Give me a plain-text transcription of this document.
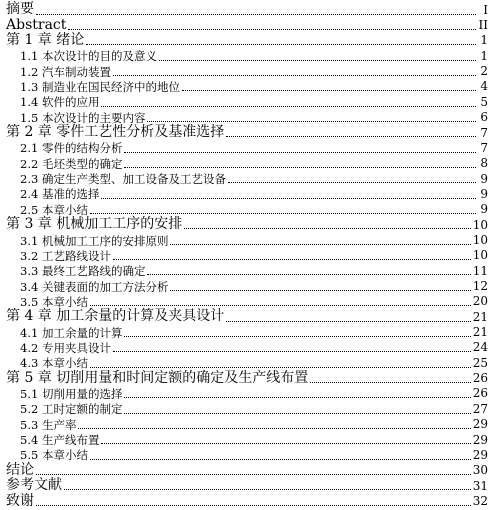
摘要	I
Abstract	II
第 1 章 绪论	1
1.1 本次设计的目的及意义	1
1.2 汽车制动装置	2
1.3 制造业在国民经济中的地位	4
1.4 软件的应用	5
1.5 本次设计的主要内容	6
第 2 章 零件工艺性分析及基准选择	7
2.1 零件的结构分析	7
2.2 毛坯类型的确定	8
2.3 确定生产类型、加工设备及工艺设备	9
2.4 基准的选择	9
2.5 本章小结	9
第 3 章 机械加工工序的安排	10
3.1 机械加工工序的安排原则	10
3.2 工艺路线设计	10
3.3 最终工艺路线的确定	11
3.4 关键表面的加工方法分析	12
3.5 本章小结	20
第 4 章 加工余量的计算及夹具设计	21
4.1 加工余量的计算	21
4.2 专用夹具设计	24
4.3 本章小结	25
第 5 章 切削用量和时间定额的确定及生产线布置	26
5.1 切削用量的选择	26
5.2 工时定额的制定	27
5.3 生产率	29
5.4 生产线布置	29
5.5 本章小结	29
结论	30
参考文献	31
致谢	32
